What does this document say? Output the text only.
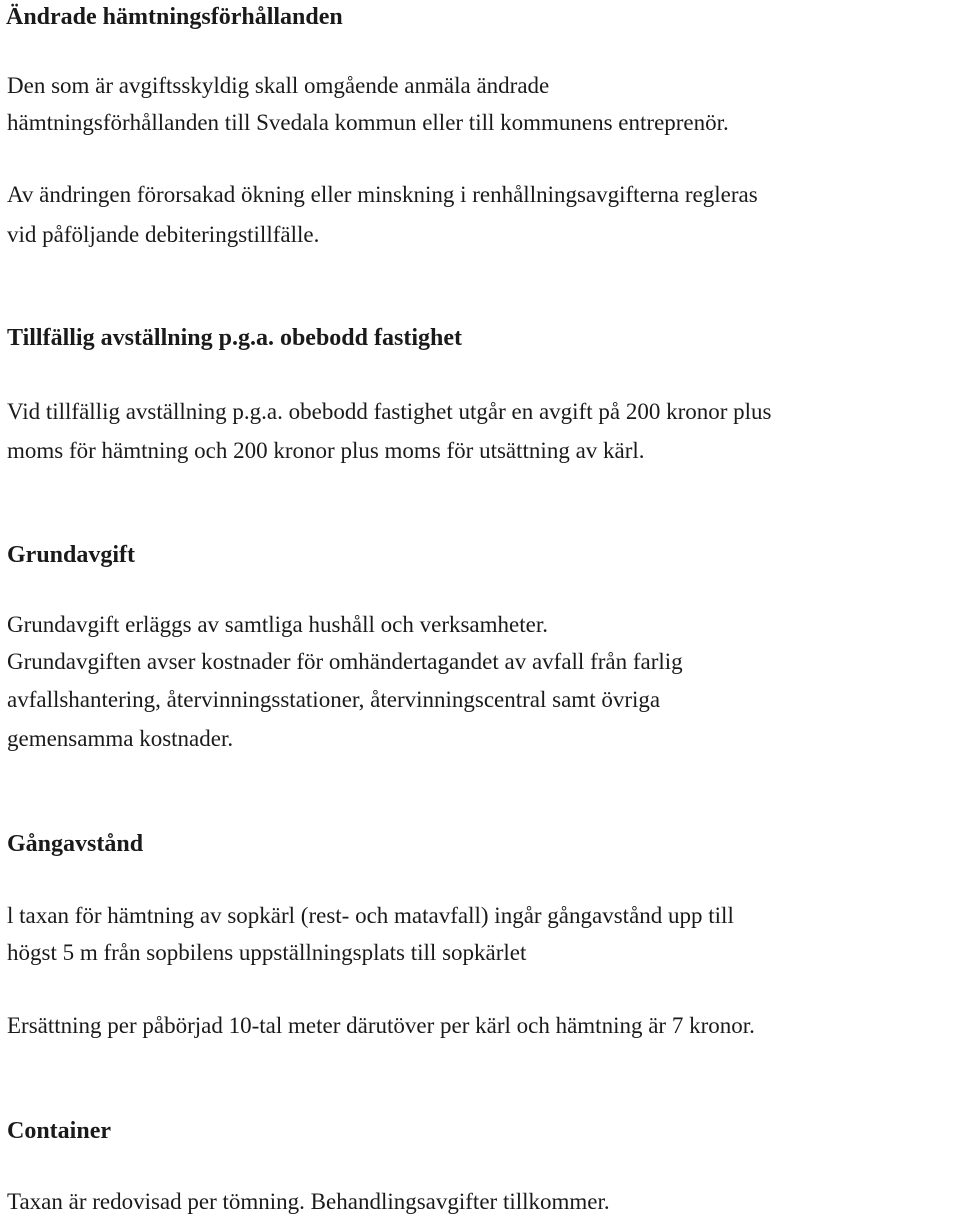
Ändrade hämtningsförhållanden

Den som är avgiftsskyldig skall omgående anmäla ändrade

hämtningsförhållanden till Svedala kommun eller till kommunens entreprenör.

Av ändringen förorsakad ökning eller minskning i renhållningsavgifterna regleras

vid påföljande debiteringstillfälle.

Tillfällig avställning p.g.a. obebodd fastighet

Vid tillfällig avställning p.g.a. obebodd fastighet utgår en avgift på 200 kronor plus

moms för hämtning och 200 kronor plus moms för utsättning av kärl.

Grundavgift

Grundavgift erläggs av samtliga hushåll och verksamheter.

Grundavgiften avser kostnader för omhändertagandet av avfall från farlig

avfallshantering, återvinningsstationer, återvinningscentral samt övriga

gemensamma kostnader.

Gångavstånd

l taxan för hämtning av sopkärl (rest- och matavfall) ingår gångavstånd upp till

högst 5 m från sopbilens uppställningsplats till sopkärlet

Ersättning per påbörjad 10-tal meter därutöver per kärl och hämtning är 7 kronor.

Container

Taxan är redovisad per tömning. Behandlingsavgifter tillkommer.
